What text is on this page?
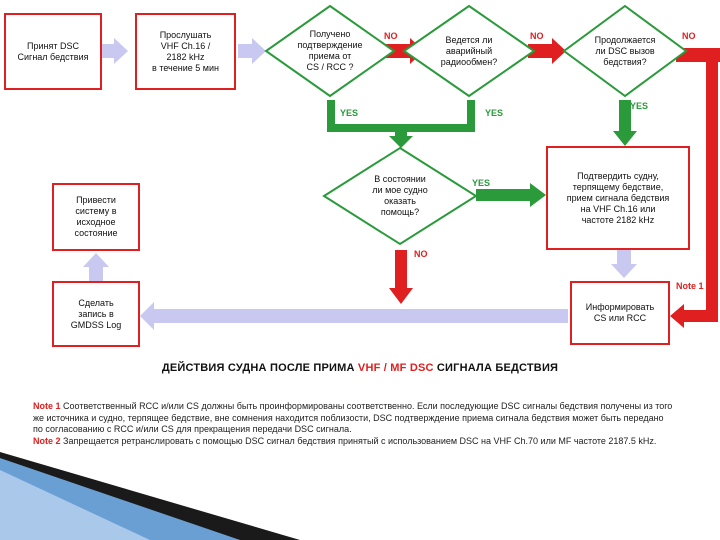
Принят DSC
Сигнал бедствия
Прослушать
VHF Ch.16 /
2182 kHz
в течение 5 мин
Подтвердить судну,
терпящему бедствие,
прием сигнала бедствия
на VHF Ch.16 или
частоте 2182 kHz
Привести
систему в
исходное
состояние
Сделать
запись в
GMDSS Log
Информировать
CS или RCC
Получено
подтверждение
приема от
CS / RCC ?
Ведется ли
аварийный
радиообмен?
Продолжается
ли DSC вызов
бедствия?
В состоянии
ли мое судно
оказать
помощь?
NO	NO	NO
NO
YES	YES
YES
YES
Note 1
ДЕЙСТВИЯ СУДНА ПОСЛЕ ПРИМА VHF / MF DSC СИГНАЛА БЕДСТВИЯ
Note 1 Соответственный RCC и/или CS должны быть проинформированы соответственно. Если последующие DSC сигналы бедствия получены из того же источника и судно, терпящее бедствие, вне сомнения находится поблизости, DSC подтверждение приема сигнала бедствия может быть передано по согласованию с RCC и/или CS для прекращения передачи DSC сигнала.
Note 2 Запрещается ретранслировать с помощью DSC сигнал бедствия принятый с использованием DSC на VHF Ch.70 или MF частоте 2187.5 kHz.
